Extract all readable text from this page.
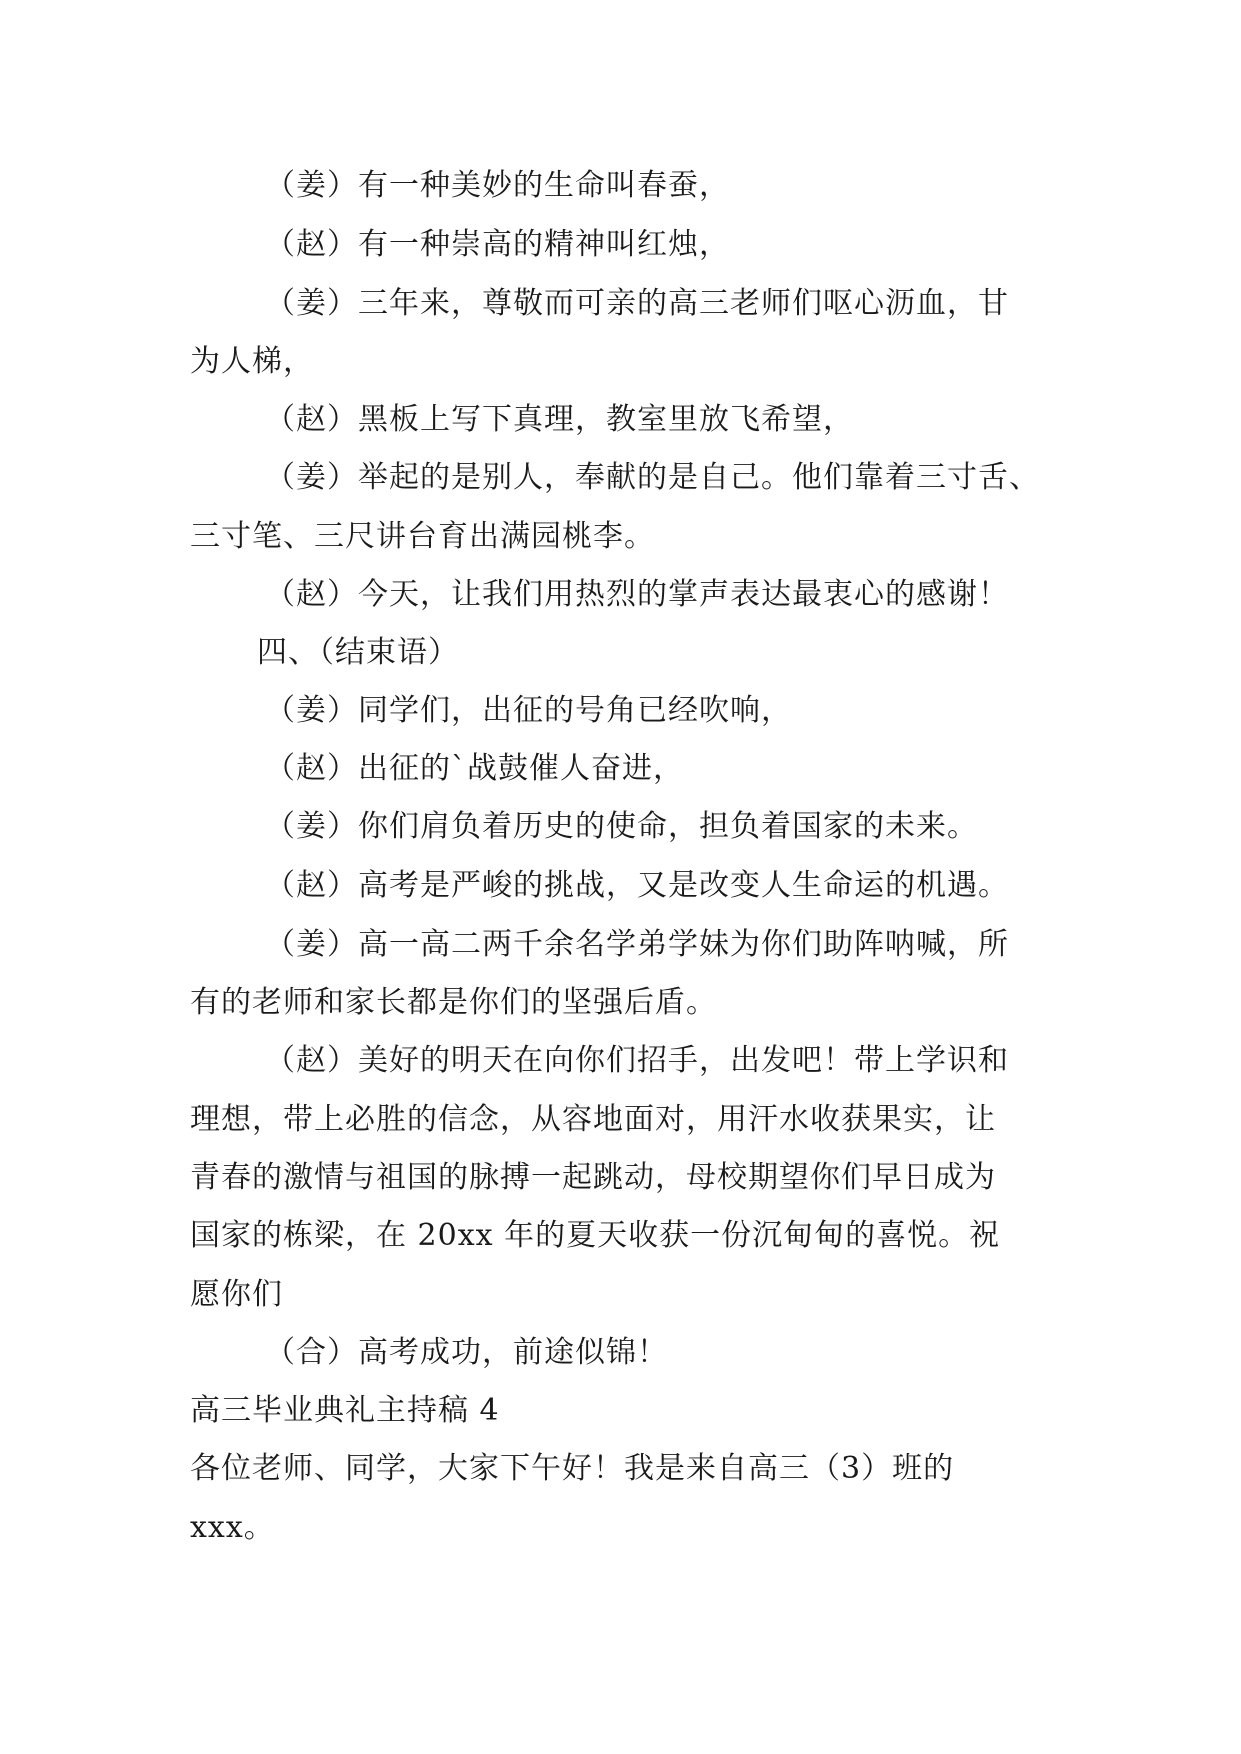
（姜）有一种美妙的生命叫春蚕，
（赵）有一种崇高的精神叫红烛，
（姜）三年来，尊敬而可亲的高三老师们呕心沥血，甘
为人梯，
（赵）黑板上写下真理，教室里放飞希望，
（姜）举起的是别人，奉献的是自己。他们靠着三寸舌、
三寸笔、三尺讲台育出满园桃李。
（赵）今天，让我们用热烈的掌声表达最衷心的感谢！
四、（结束语）
（姜）同学们，出征的号角已经吹响，
（赵）出征的`战鼓催人奋进，
（姜）你们肩负着历史的使命，担负着国家的未来。
（赵）高考是严峻的挑战，又是改变人生命运的机遇。
（姜）高一高二两千余名学弟学妹为你们助阵呐喊，所
有的老师和家长都是你们的坚强后盾。
（赵）美好的明天在向你们招手，出发吧！带上学识和
理想，带上必胜的信念，从容地面对，用汗水收获果实，让
青春的激情与祖国的脉搏一起跳动，母校期望你们早日成为
国家的栋梁，在 20xx 年的夏天收获一份沉甸甸的喜悦。祝
愿你们
（合）高考成功，前途似锦！
高三毕业典礼主持稿 4
各位老师、同学，大家下午好！我是来自高三（3）班的
xxx。
